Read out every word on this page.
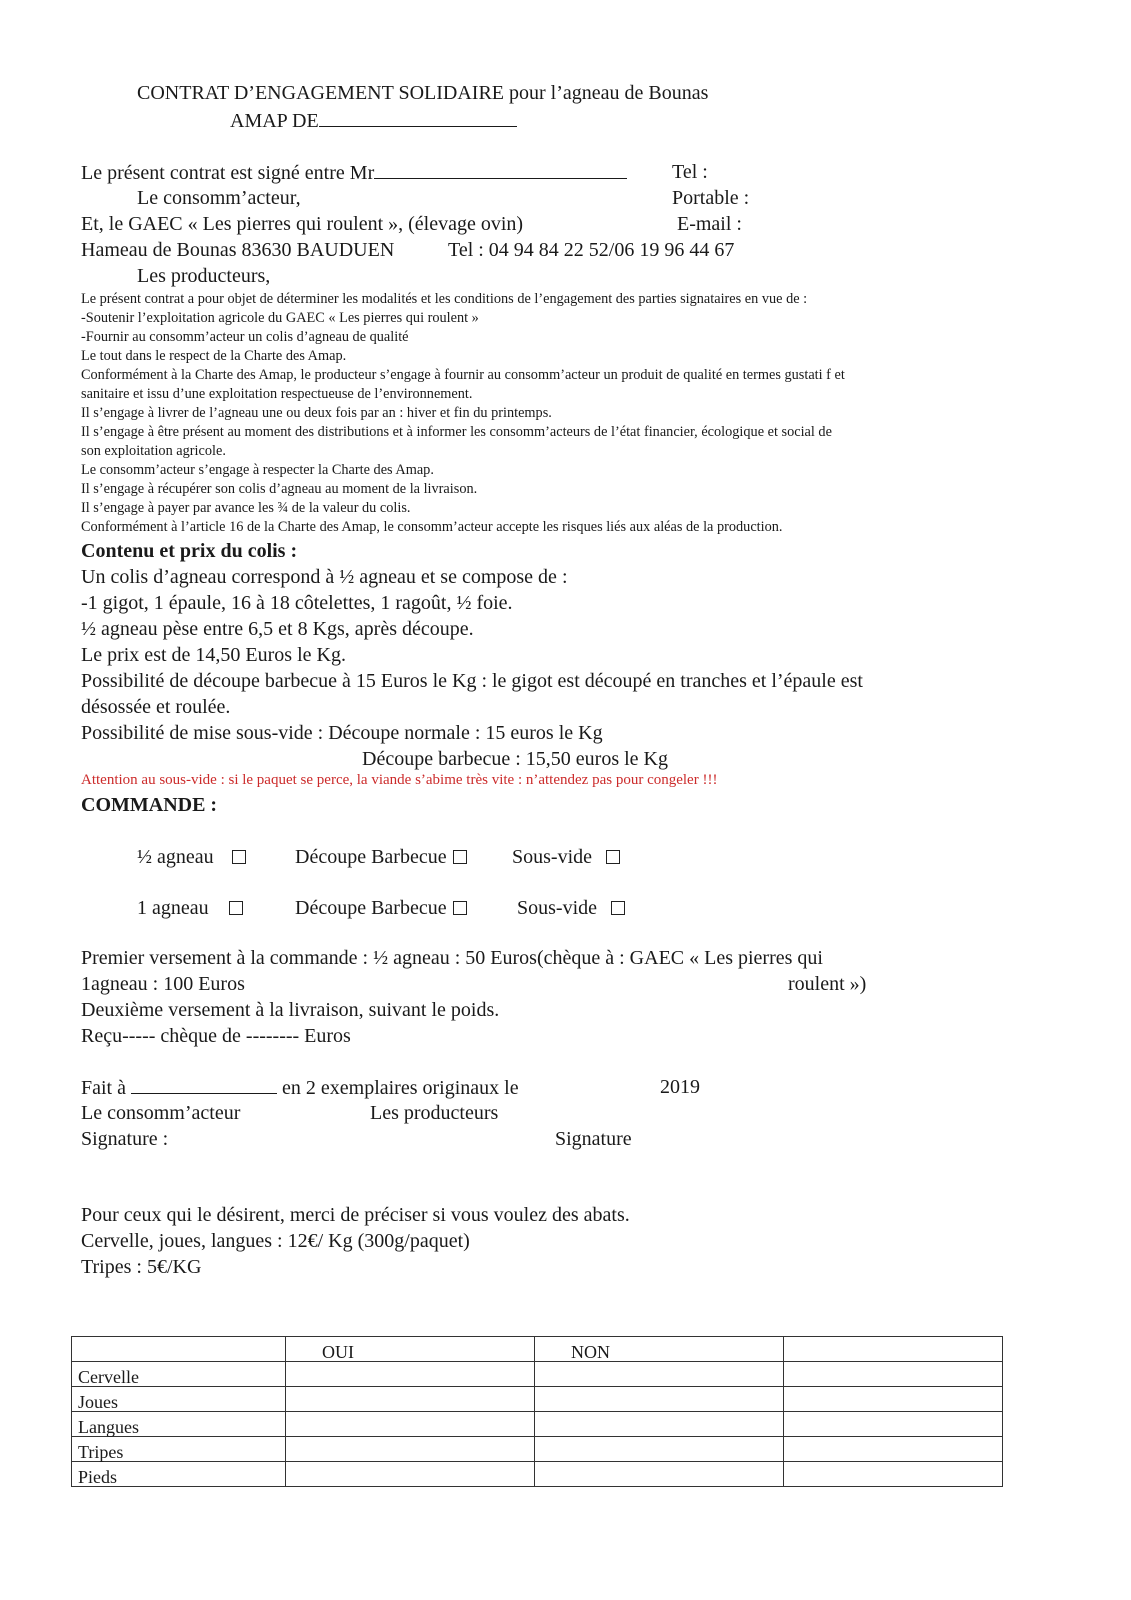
CONTRAT D’ENGAGEMENT SOLIDAIRE pour l’agneau de Bounas
AMAP DE
Le présent contrat est signé entre Mr	Tel :
Le consomm’acteur,	Portable :
Et, le GAEC « Les pierres qui roulent », (élevage ovin)	E-mail :
Hameau de Bounas 83630 BAUDUEN	Tel : 04 94 84 22 52/06 19 96 44 67
Les producteurs,
Le présent contrat a pour objet de déterminer les modalités et les conditions de l’engagement des parties signataires en vue de :
-Soutenir l’exploitation agricole du GAEC « Les pierres qui roulent »
-Fournir au consomm’acteur un colis d’agneau de qualité
Le tout dans le respect de la Charte des Amap.
Conformément à la Charte des Amap, le producteur s’engage à fournir au consomm’acteur un produit de qualité en termes gustati f et
sanitaire et issu d’une exploitation respectueuse de l’environnement.
Il s’engage à livrer de l’agneau une ou deux fois par an : hiver et fin du printemps.
Il s’engage à être présent au moment des distributions et à informer les consomm’acteurs de l’état financier, écologique et social de
son exploitation agricole.
Le consomm’acteur s’engage à respecter la Charte des Amap.
Il s’engage à récupérer son colis d’agneau au moment de la livraison.
Il s’engage à payer par avance les ¾ de la valeur du colis.
Conformément à l’article 16 de la Charte des Amap, le consomm’acteur accepte les risques liés aux aléas de la production.
Contenu et prix du colis :
Un colis d’agneau correspond à ½ agneau et se compose de :
-1 gigot, 1 épaule, 16 à 18 côtelettes, 1 ragoût, ½ foie.
½ agneau pèse entre 6,5 et 8 Kgs, après découpe.
Le prix est de 14,50 Euros le Kg.
Possibilité de découpe barbecue à 15 Euros le Kg : le gigot est découpé en tranches et l’épaule est
désossée et roulée.
Possibilité de mise sous-vide : Découpe normale : 15 euros le Kg
Découpe barbecue : 15,50 euros le Kg
Attention au sous-vide : si le paquet se perce, la viande s’abime très vite : n’attendez pas pour congeler !!!
COMMANDE :
½ agneau	Découpe Barbecue	Sous-vide
1 agneau	Découpe Barbecue	Sous-vide
Premier versement à la commande : ½ agneau : 50 Euros(chèque à : GAEC « Les pierres qui
1agneau : 100 Euros	roulent »)
Deuxième versement à la livraison, suivant le poids.
Reçu----- chèque de -------- Euros
Fait à	en 2 exemplaires originaux le	2019
Le consomm’acteur	Les producteurs
Signature :	Signature
Pour ceux qui le désirent, merci de préciser si vous voulez des abats.
Cervelle, joues, langues : 12€/ Kg (300g/paquet)
Tripes : 5€/KG
	OUI	NON	
Cervelle			
Joues			
Langues			
Tripes			
Pieds			
